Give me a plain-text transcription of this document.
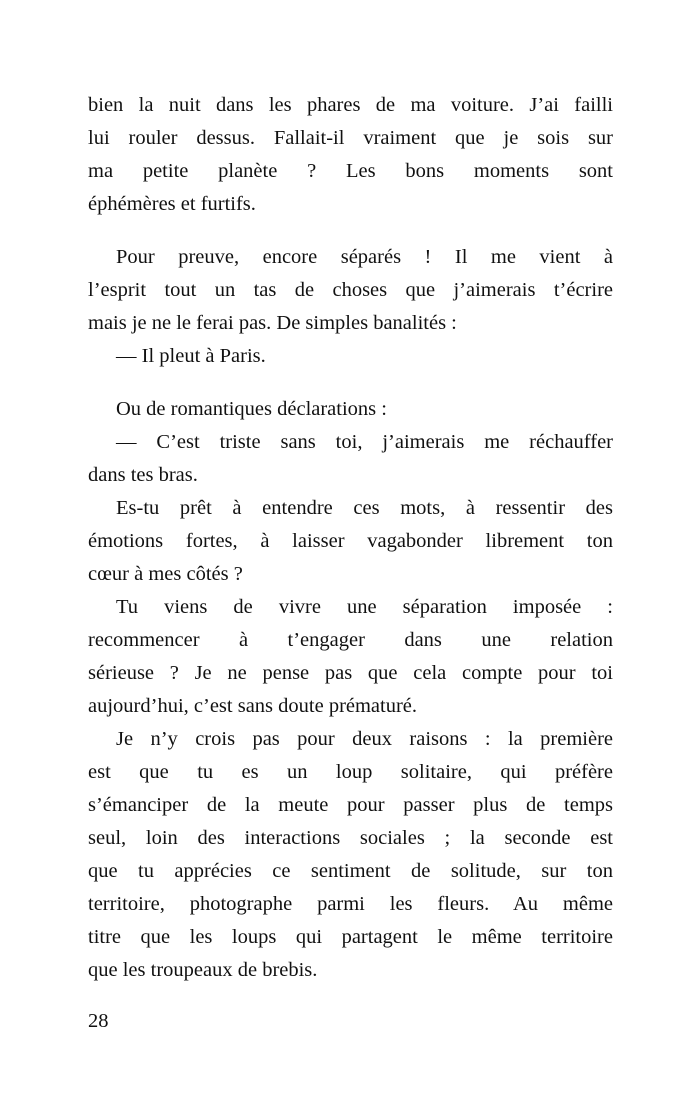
bien la nuit dans les phares de ma voiture. J’ai failli
lui rouler dessus. Fallait-il vraiment que je sois sur
ma petite planète ? Les bons moments sont
éphémères et furtifs.
Pour preuve, encore séparés ! Il me vient à
l’esprit tout un tas de choses que j’aimerais t’écrire
mais je ne le ferai pas. De simples banalités :
— Il pleut à Paris.
Ou de romantiques déclarations :
— C’est triste sans toi, j’aimerais me réchauffer
dans tes bras.
Es-tu prêt à entendre ces mots, à ressentir des
émotions fortes, à laisser vagabonder librement ton
cœur à mes côtés ?
Tu viens de vivre une séparation imposée :
recommencer à t’engager dans une relation
sérieuse ? Je ne pense pas que cela compte pour toi
aujourd’hui, c’est sans doute prématuré.
Je n’y crois pas pour deux raisons : la première
est que tu es un loup solitaire, qui préfère
s’émanciper de la meute pour passer plus de temps
seul, loin des interactions sociales ; la seconde est
que tu apprécies ce sentiment de solitude, sur ton
territoire, photographe parmi les fleurs. Au même
titre que les loups qui partagent le même territoire
que les troupeaux de brebis.
28
